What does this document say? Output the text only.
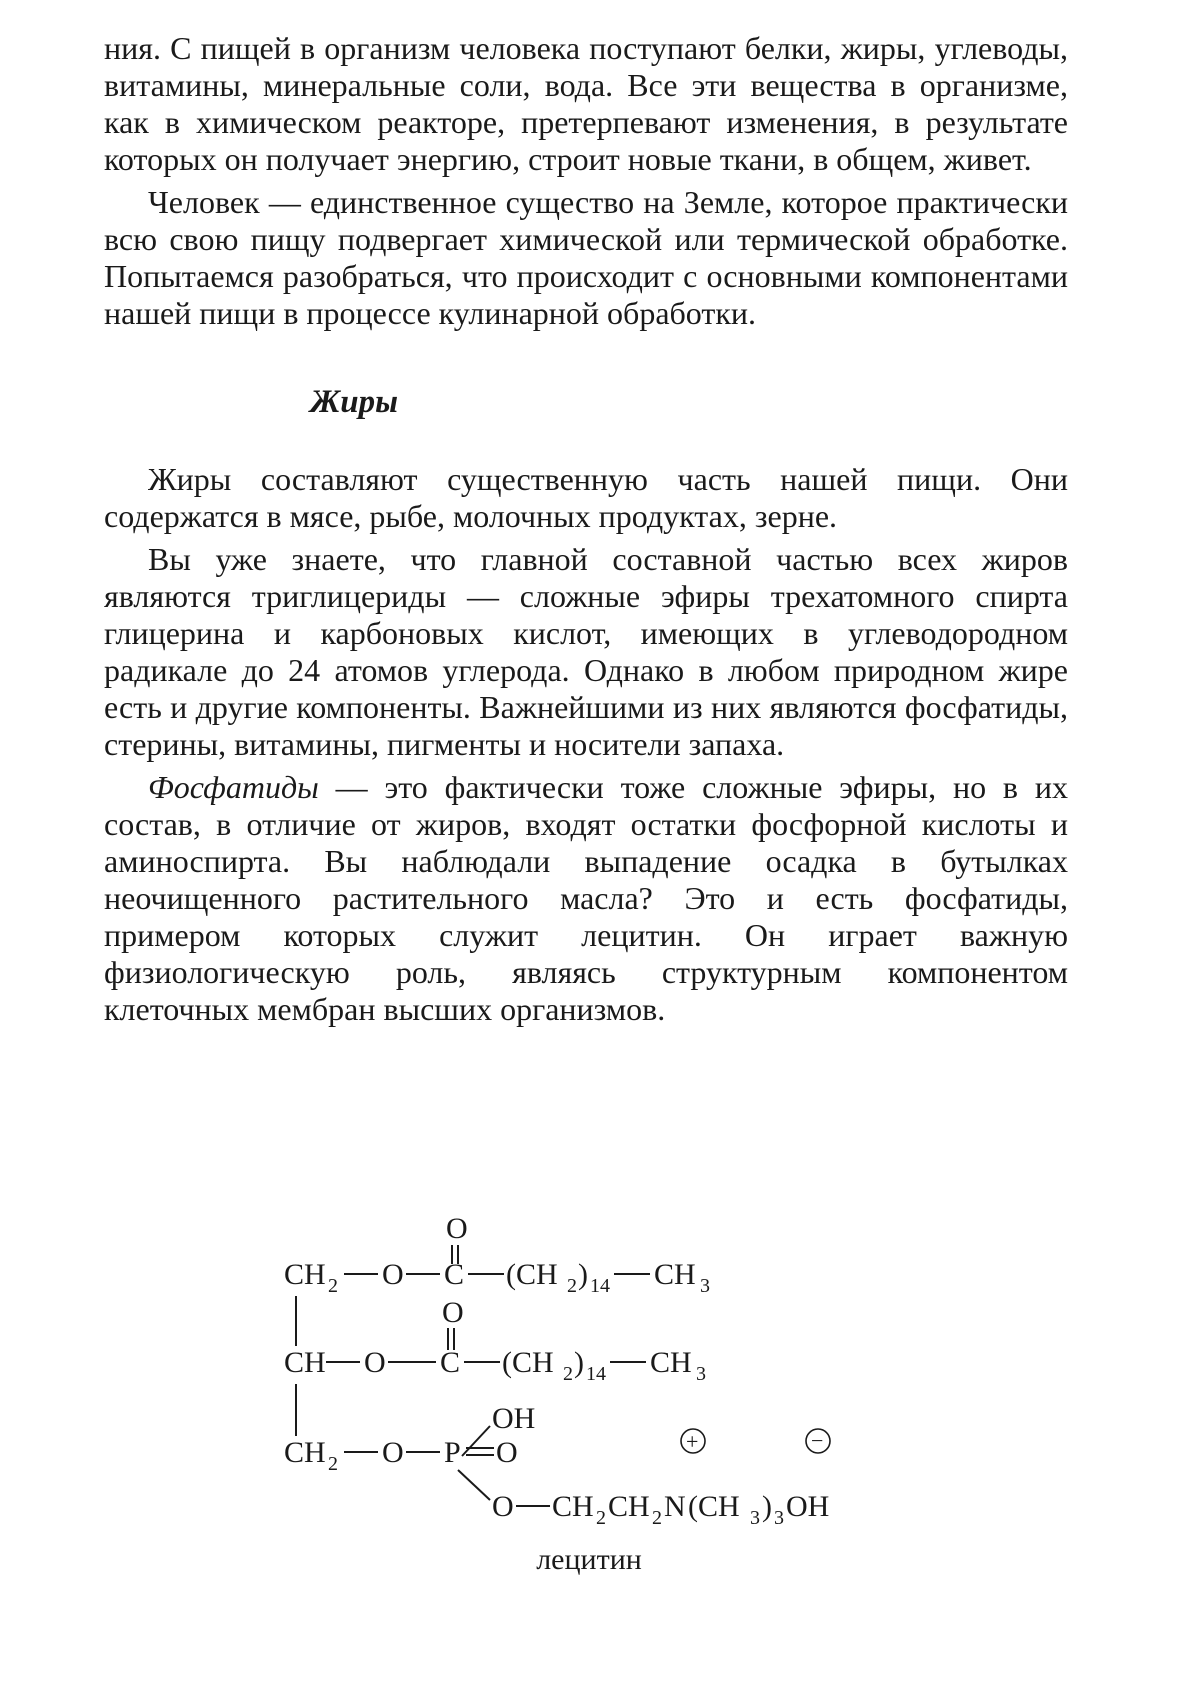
ния. С пищей в организм человека поступают белки, жиры, углеводы, витамины, минеральные соли, вода. Все эти вещества в организме, как в химическом реакторе, претерпевают изменения, в результате которых он получает энергию, строит новые ткани, в общем, живет.

Человек — единственное существо на Земле, которое практически всю свою пищу подвергает химической или термической обработке. Попытаемся разобраться, что происходит с основными компонентами нашей пищи в процессе кулинарной обработки.

Жиры

Жиры составляют существенную часть нашей пищи. Они содержатся в мясе, рыбе, молочных продуктах, зерне.

Вы уже знаете, что главной составной частью всех жиров являются триглицериды — сложные эфиры трехатомного спирта глицерина и карбоновых кислот, имеющих в углеводородном радикале до 24 атомов углерода. Однако в любом природном жире есть и другие компоненты. Важнейшими из них являются фосфатиды, стерины, витамины, пигменты и носители запаха.

Фосфатиды — это фактически тоже сложные эфиры, но в их состав, в отличие от жиров, входят остатки фосфорной кислоты и аминоспирта. Вы наблюдали выпадение осадка в бутылках неочищенного растительного масла? Это и есть фосфатиды, примером которых служит лецитин. Он играет важную физиологическую роль, являясь структурным компонентом клеточных мембран высших организмов.

O
CH 2 O C (CH 2 ) 14 CH 3
O
CH O C (CH 2 ) 14 CH 3
OH
CH 2 O P O	+	−
O CH 2 CH 2 N (CH 3 ) 3 OH
лецитин
